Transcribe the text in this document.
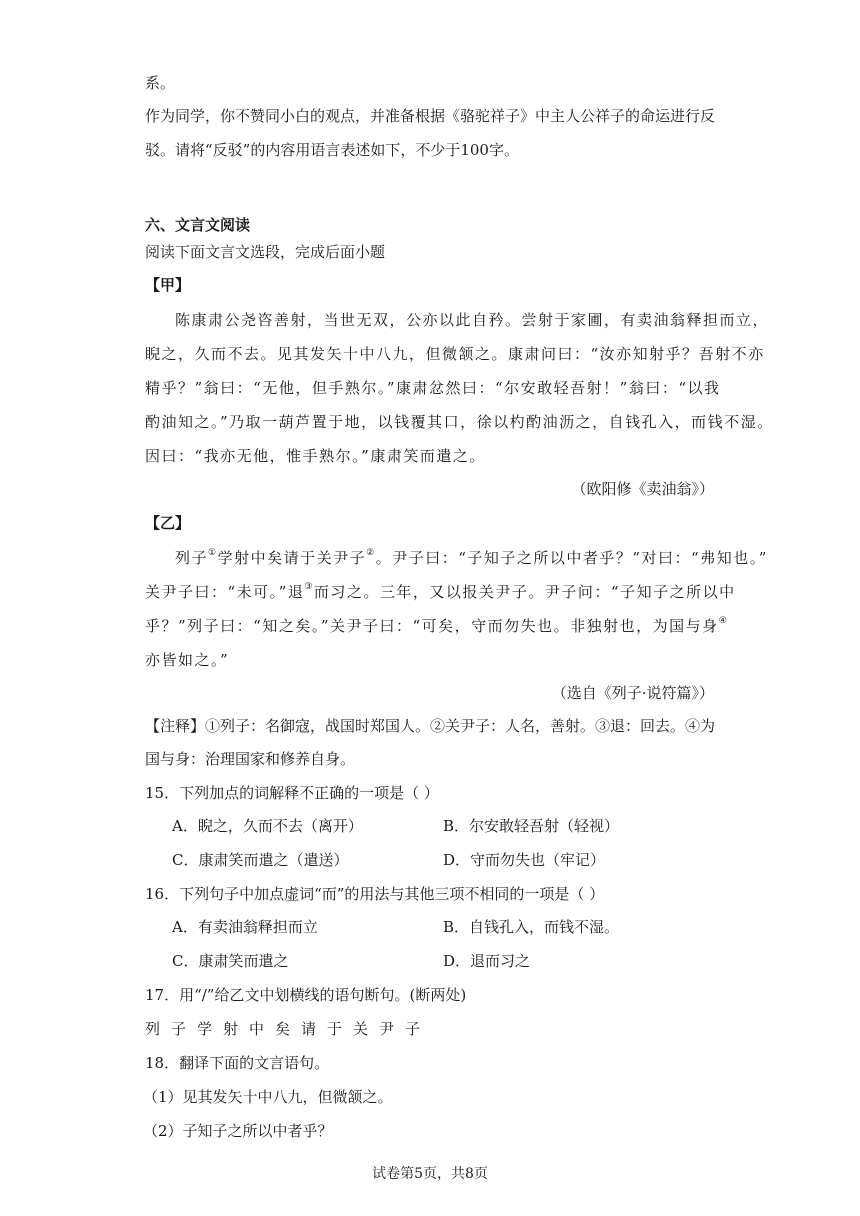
系。
作为同学，你不赞同小白的观点，并准备根据《骆驼祥子》中主人公祥子的命运进行反
驳。请将“反驳”的内容用语言表述如下，不少于100字。
六、文言文阅读
阅读下面文言文选段，完成后面小题
【甲】
陈康肃公尧咨善射，当世无双，公亦以此自矜。尝射于家圃，有卖油翁释担而立，
睨之，久而不去。见其发矢十中八九，但微颔之。康肃问曰：“汝亦知射乎？吾射不亦
精乎？”翁曰：“无他，但手熟尔。”康肃忿然曰：“尔安敢轻吾射！”翁曰：“以我
酌油知之。”乃取一葫芦置于地，以钱覆其口，徐以杓酌油沥之，自钱孔入，而钱不湿。
因曰：“我亦无他，惟手熟尔。”康肃笑而遣之。
（欧阳修《卖油翁》）
【乙】
列子①学射中矣请于关尹子②。尹子曰：“子知子之所以中者乎？”对曰：“弗知也。”
关尹子曰：“未可。”退③而习之。三年，又以报关尹子。尹子问：“子知子之所以中
乎？”列子曰：“知之矣。”关尹子曰：“可矣，守而勿失也。非独射也，为国与身④
亦皆如之。”
（选自《列子·说符篇》）
【注释】①列子：名御寇，战国时郑国人。②关尹子：人名，善射。③退：回去。④为
国与身：治理国家和修养自身。
15．下列加点的词解释不正确的一项是（ ）
A．睨之，久而不去（离开）	B．尔安敢轻吾射（轻视）
C．康肃笑而遣之（遣送）	D．守而勿失也（牢记）
16．下列句子中加点虚词“而”的用法与其他三项不相同的一项是（ ）
A．有卖油翁释担而立	B．自钱孔入，而钱不湿。
C．康肃笑而遣之	D．退而习之
17．用“/”给乙文中划横线的语句断句。(断两处)
列子学射中矣请于关尹子
18．翻译下面的文言语句。
（1）见其发矢十中八九，但微颔之。
（2）子知子之所以中者乎？
试卷第5页，共8页
